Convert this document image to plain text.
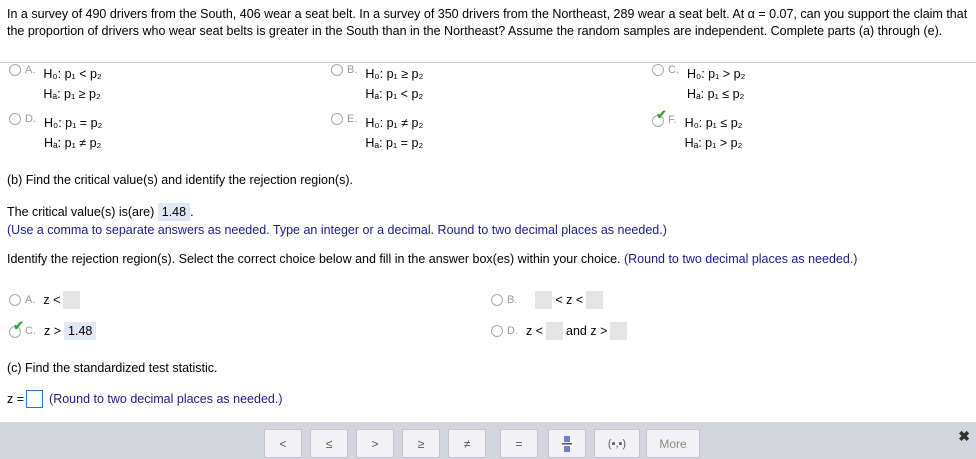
In a survey of 490 drivers from the South, 406 wear a seat belt. In a survey of 350 drivers from the Northeast, 289 wear a seat belt. At α = 0.07, can you support the claim that the proportion of drivers who wear seat belts is greater in the South than in the Northeast? Assume the random samples are independent. Complete parts (a) through (e).
A. H₀: p₁ < p₂
Hₐ: p₁ ≥ p₂
B. H₀: p₁ ≥ p₂
Hₐ: p₁ < p₂
C. H₀: p₁ > p₂
Hₐ: p₁ ≤ p₂
D. H₀: p₁ = p₂
Hₐ: p₁ ≠ p₂
E. H₀: p₁ ≠ p₂
Hₐ: p₁ = p₂
✔ F. H₀: p₁ ≤ p₂
Hₐ: p₁ > p₂
(b) Find the critical value(s) and identify the rejection region(s).
The critical value(s) is(are) 1.48 .
(Use a comma to separate answers as needed. Type an integer or a decimal. Round to two decimal places as needed.)
Identify the rejection region(s). Select the correct choice below and fill in the answer box(es) within your choice. (Round to two decimal places as needed.)
A. z <	B.	< z <
✔ C. z > 1.48	D. z < and z >
(c) Find the standardized test statistic.
z = (Round to two decimal places as needed.)
<	≤	>	≥	≠	=	(▪,▪)	More	✖
